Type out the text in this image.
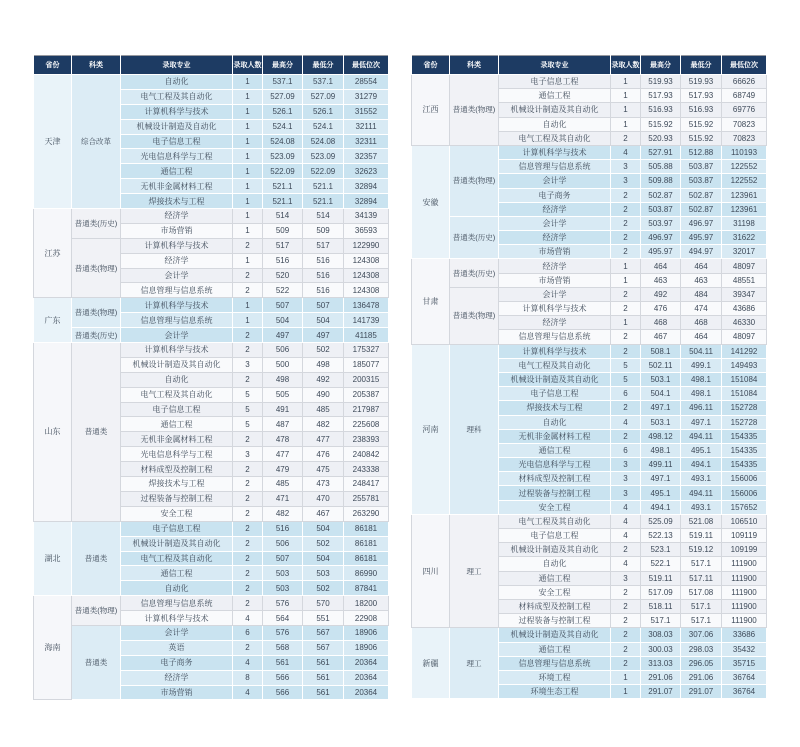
省份	科类	录取专业	录取人数	最高分	最低分	最低位次
天津	综合改革	自动化	1	537.1	537.1	28554
		电气工程及其自动化	1	527.09	527.09	31279
		计算机科学与技术	1	526.1	526.1	31552
		机械设计制造及自动化	1	524.1	524.1	32111
		电子信息工程	1	524.08	524.08	32311
		光电信息科学与工程	1	523.09	523.09	32357
		通信工程	1	522.09	522.09	32623
		无机非金属材料工程	1	521.1	521.1	32894
		焊接技术与工程	1	521.1	521.1	32894
江苏	普通类(历史)	经济学	1	514	514	34139
		市场营销	1	509	509	36593
	普通类(物理)	计算机科学与技术	2	517	517	122990
		经济学	1	516	516	124308
		会计学	2	520	516	124308
		信息管理与信息系统	2	522	516	124308
广东	普通类(物理)	计算机科学与技术	1	507	507	136478
		信息管理与信息系统	1	504	504	141739
	普通类(历史)	会计学	2	497	497	41185
山东	普通类	计算机科学与技术	2	506	502	175327
		机械设计制造及其自动化	3	500	498	185077
		自动化	2	498	492	200315
		电气工程及其自动化	5	505	490	205387
		电子信息工程	5	491	485	217987
		通信工程	5	487	482	225608
		无机非金属材料工程	2	478	477	238393
		光电信息科学与工程	3	477	476	240842
		材料成型及控制工程	2	479	475	243338
		焊接技术与工程	2	485	473	248417
		过程装备与控制工程	2	471	470	255781
		安全工程	2	482	467	263290
湖北	普通类	电子信息工程	2	516	504	86181
		机械设计制造及其自动化	2	506	502	86181
		电气工程及其自动化	2	507	504	86181
		通信工程	2	503	503	86990
		自动化	2	503	502	87841
海南	普通类(物理)	信息管理与信息系统	2	576	570	18200
		计算机科学与技术	4	564	551	22908
	普通类	会计学	6	576	567	18906
		英语	2	568	567	18906
		电子商务	4	561	561	20364
		经济学	8	566	561	20364
		市场营销	4	566	561	20364
省份	科类	录取专业	录取人数	最高分	最低分	最低位次
江西	普通类(物理)	电子信息工程	1	519.93	519.93	66626
		通信工程	1	517.93	517.93	68749
		机械设计制造及其自动化	1	516.93	516.93	69776
		自动化	1	515.92	515.92	70823
		电气工程及其自动化	2	520.93	515.92	70823
安徽	普通类(物理)	计算机科学与技术	4	527.91	512.88	110193
		信息管理与信息系统	3	505.88	503.87	122552
		会计学	3	509.88	503.87	122552
		电子商务	2	502.87	502.87	123961
		经济学	2	503.87	502.87	123961
	普通类(历史)	会计学	2	503.97	496.97	31198
		经济学	2	496.97	495.97	31622
		市场营销	2	495.97	494.97	32017
甘肃	普通类(历史)	经济学	1	464	464	48097
		市场营销	1	463	463	48551
	普通类(物理)	会计学	2	492	484	39347
		计算机科学与技术	2	476	474	43686
		经济学	1	468	468	46330
		信息管理与信息系统	2	467	464	48097
河南	理科	计算机科学与技术	2	508.1	504.11	141292
		电气工程及其自动化	5	502.11	499.1	149493
		机械设计制造及其自动化	5	503.1	498.1	151084
		电子信息工程	6	504.1	498.1	151084
		焊接技术与工程	2	497.1	496.11	152728
		自动化	4	503.1	497.1	152728
		无机非金属材料工程	2	498.12	494.11	154335
		通信工程	6	498.1	495.1	154335
		光电信息科学与工程	3	499.11	494.1	154335
		材料成型及控制工程	3	497.1	493.1	156006
		过程装备与控制工程	3	495.1	494.11	156006
		安全工程	4	494.1	493.1	157652
四川	理工	电气工程及其自动化	4	525.09	521.08	106510
		电子信息工程	4	522.13	519.11	109119
		机械设计制造及其自动化	2	523.1	519.12	109199
		自动化	4	522.1	517.1	111900
		通信工程	3	519.11	517.11	111900
		安全工程	2	517.09	517.08	111900
		材料成型及控制工程	2	518.11	517.1	111900
		过程装备与控制工程	2	517.1	517.1	111900
新疆	理工	机械设计制造及其自动化	2	308.03	307.06	33686
		通信工程	2	300.03	298.03	35432
		信息管理与信息系统	2	313.03	296.05	35715
		环境工程	1	291.06	291.06	36764
		环境生态工程	1	291.07	291.07	36764
